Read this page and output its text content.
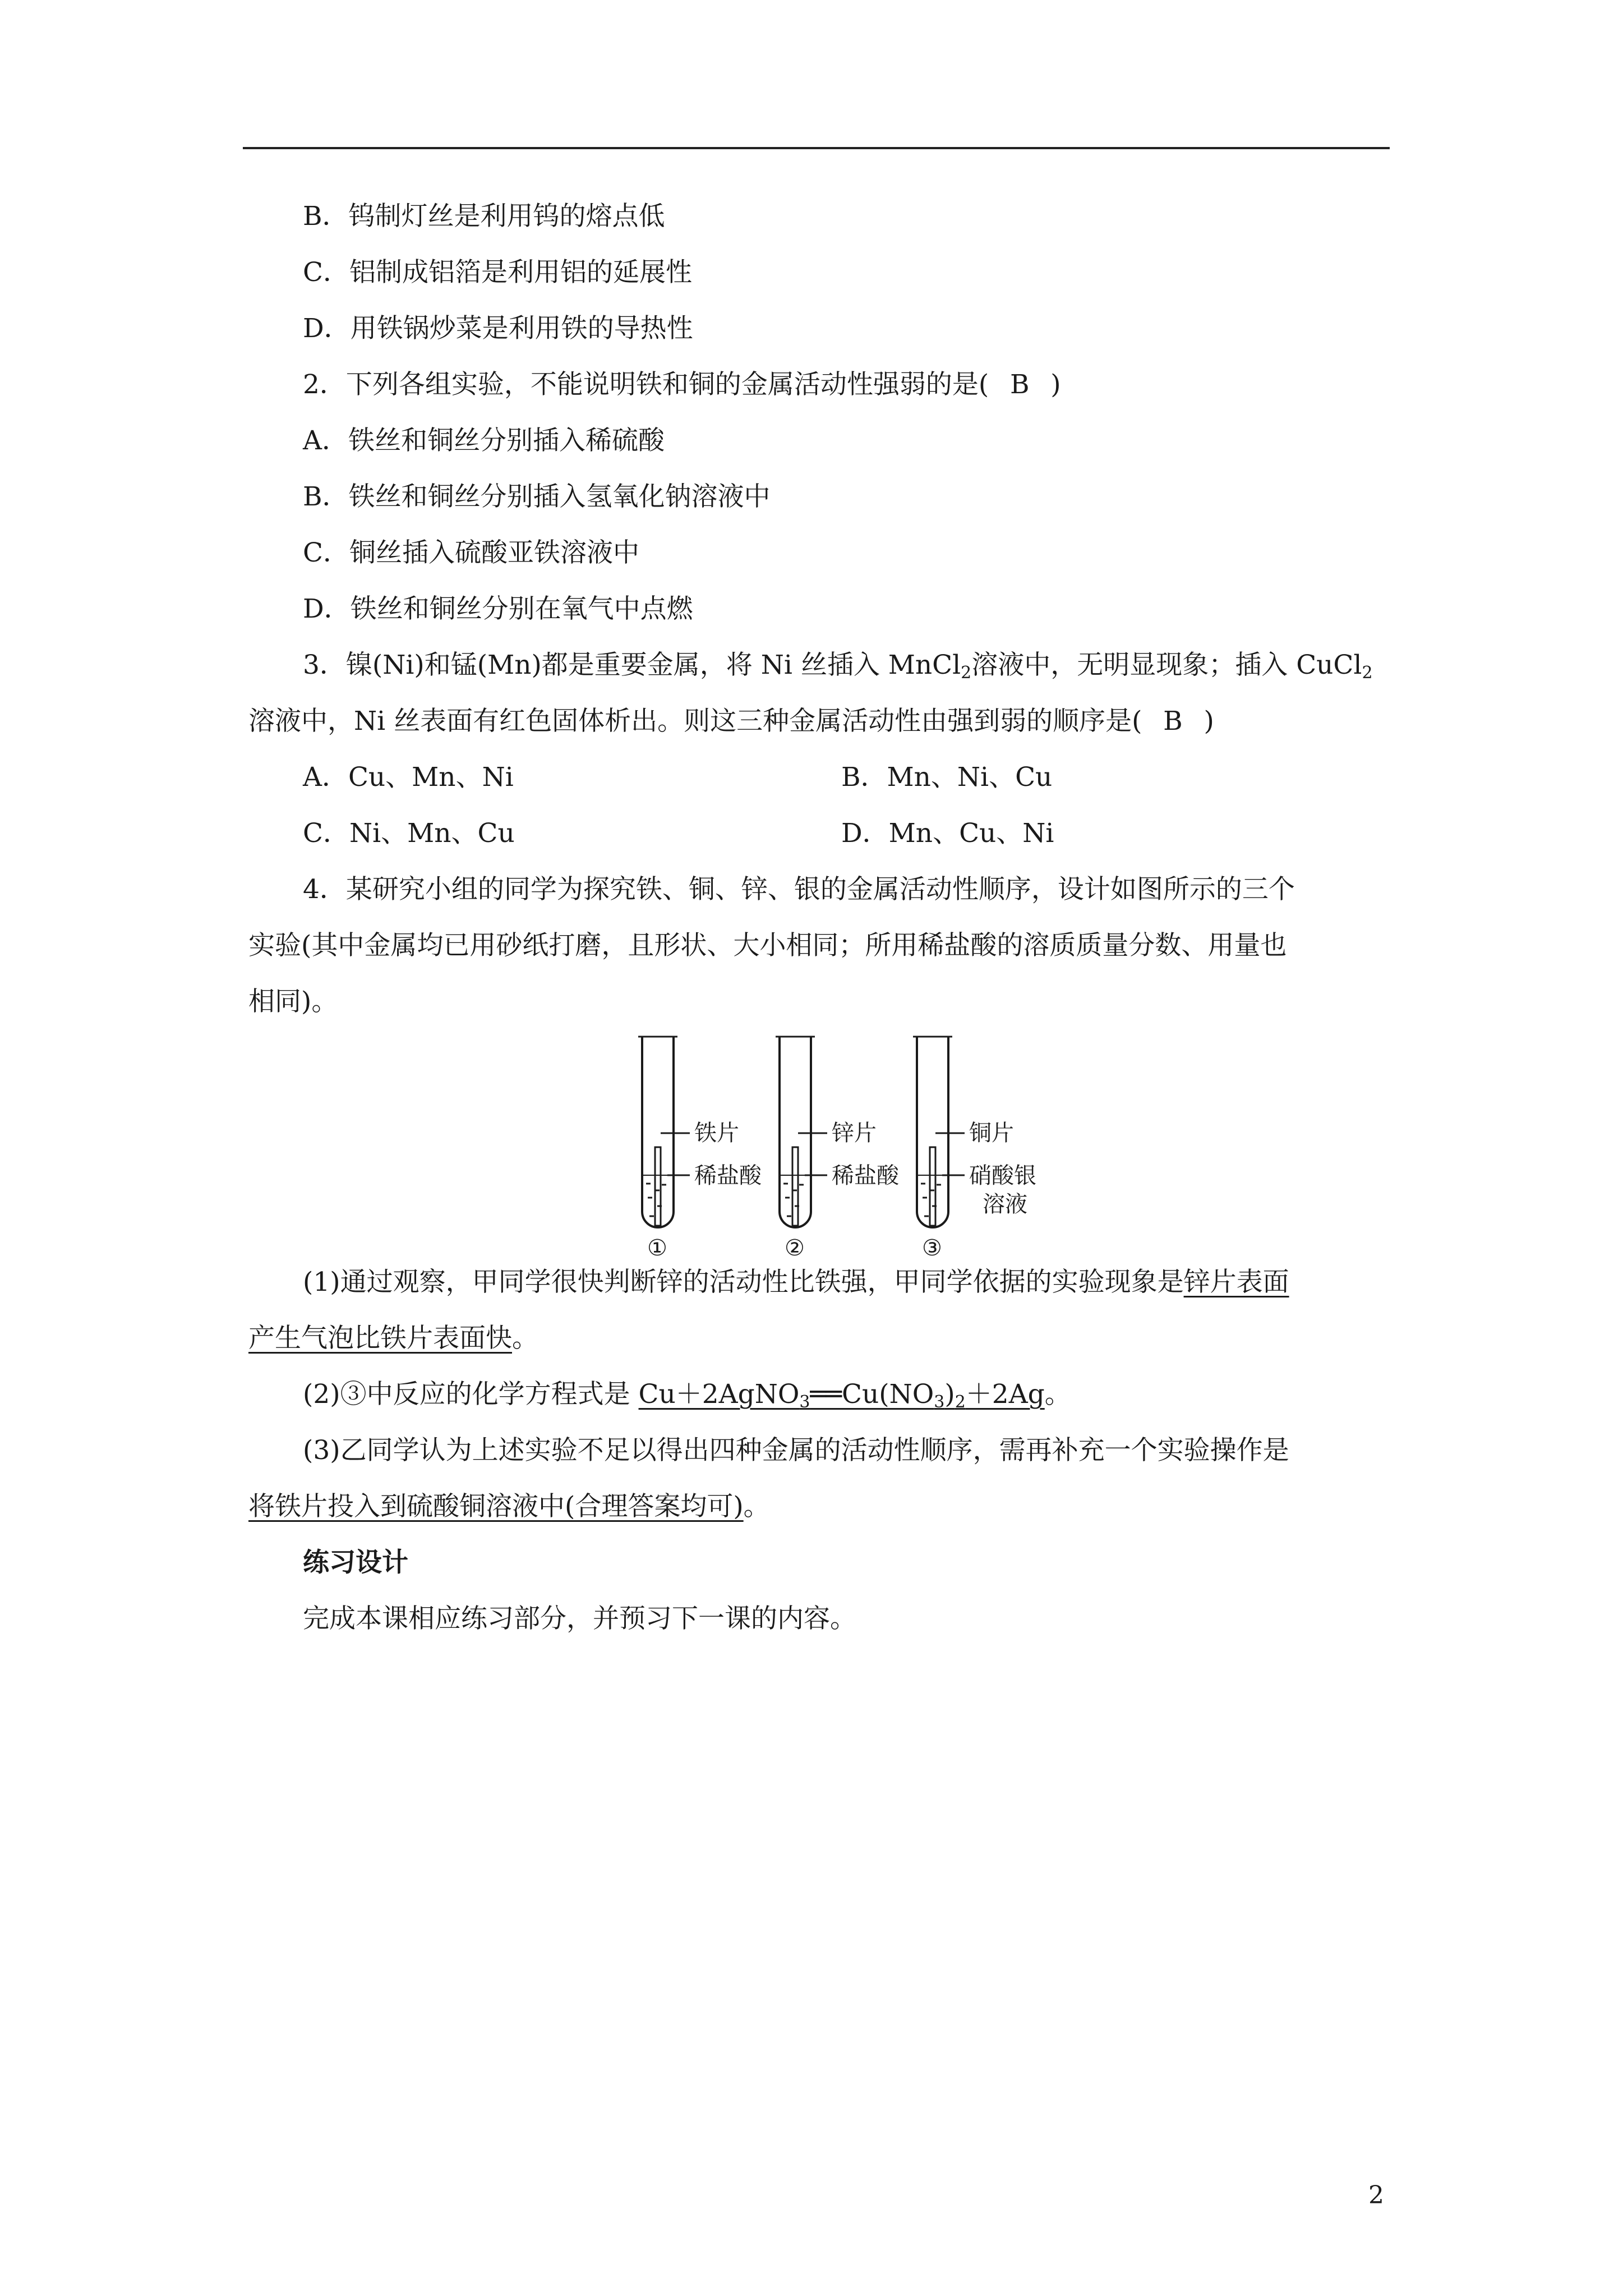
B．钨制灯丝是利用钨的熔点低
C．铝制成铝箔是利用铝的延展性
D．用铁锅炒菜是利用铁的导热性
2．下列各组实验，不能说明铁和铜的金属活动性强弱的是( B )
A．铁丝和铜丝分别插入稀硫酸
B．铁丝和铜丝分别插入氢氧化钠溶液中
C．铜丝插入硫酸亚铁溶液中
D．铁丝和铜丝分别在氧气中点燃
3．镍(Ni)和锰(Mn)都是重要金属，将 Ni 丝插入 MnCl$_2$溶液中，无明显现象；插入 CuCl$_2$
溶液中，Ni 丝表面有红色固体析出。则这三种金属活动性由强到弱的顺序是( B )
A．Cu、Mn、Ni	B．Mn、Ni、Cu
C．Ni、Mn、Cu	D．Mn、Cu、Ni
4．某研究小组的同学为探究铁、铜、锌、银的金属活动性顺序，设计如图所示的三个
实验(其中金属均已用砂纸打磨，且形状、大小相同；所用稀盐酸的溶质质量分数、用量也
相同)。
铁片
稀盐酸
①
锌片
稀盐酸
②
铜片
硝酸银
溶液
③
(1)通过观察，甲同学很快判断锌的活动性比铁强，甲同学依据的实验现象是锌片表面
产生气泡比铁片表面快。
(2)③中反应的化学方程式是 $Cu+2AgNO_3══Cu(NO_3)_2+2Ag$。
(3)乙同学认为上述实验不足以得出四种金属的活动性顺序，需再补充一个实验操作是
将铁片投入到硫酸铜溶液中(合理答案均可)。
练习设计
完成本课相应练习部分，并预习下一课的内容。
2
